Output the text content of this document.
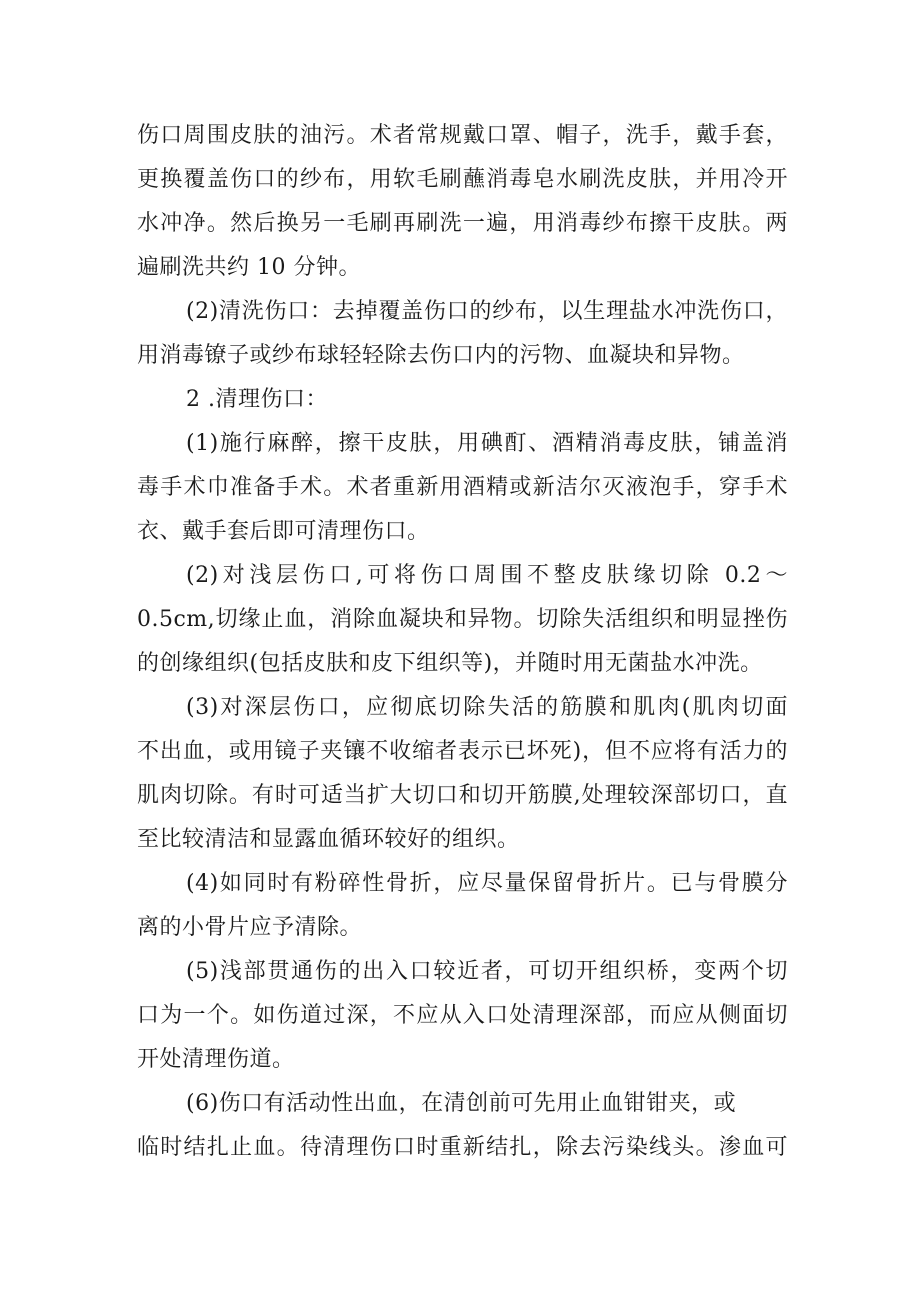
伤口周围皮肤的油污。术者常规戴口罩、帽子，洗手，戴手套，
更换覆盖伤口的纱布，用软毛刷蘸消毒皂水刷洗皮肤，并用冷开
水冲净。然后换另一毛刷再刷洗一遍，用消毒纱布擦干皮肤。两
遍刷洗共约 10 分钟。
(2)清洗伤口：去掉覆盖伤口的纱布，以生理盐水冲洗伤口，
用消毒镣子或纱布球轻轻除去伤口内的污物、血凝块和异物。
2 .清理伤口：
(1)施行麻醉，擦干皮肤，用碘酊、酒精消毒皮肤，铺盖消
毒手术巾准备手术。术者重新用酒精或新洁尔灭液泡手，穿手术
衣、戴手套后即可清理伤口。
(2)对浅层伤口,可将伤口周围不整皮肤缘切除 0.2～
0.5cm,切缘止血，消除血凝块和异物。切除失活组织和明显挫伤
的创缘组织(包括皮肤和皮下组织等)，并随时用无菌盐水冲洗。
(3)对深层伤口，应彻底切除失活的筋膜和肌肉(肌肉切面
不出血，或用镜子夹镶不收缩者表示已坏死)，但不应将有活力的
肌肉切除。有时可适当扩大切口和切开筋膜,处理较深部切口，直
至比较清洁和显露血循环较好的组织。
(4)如同时有粉碎性骨折，应尽量保留骨折片。已与骨膜分
离的小骨片应予清除。
(5)浅部贯通伤的出入口较近者，可切开组织桥，变两个切
口为一个。如伤道过深，不应从入口处清理深部，而应从侧面切
开处清理伤道。
(6)伤口有活动性出血，在清创前可先用止血钳钳夹，或
临时结扎止血。待清理伤口时重新结扎，除去污染线头。渗血可
